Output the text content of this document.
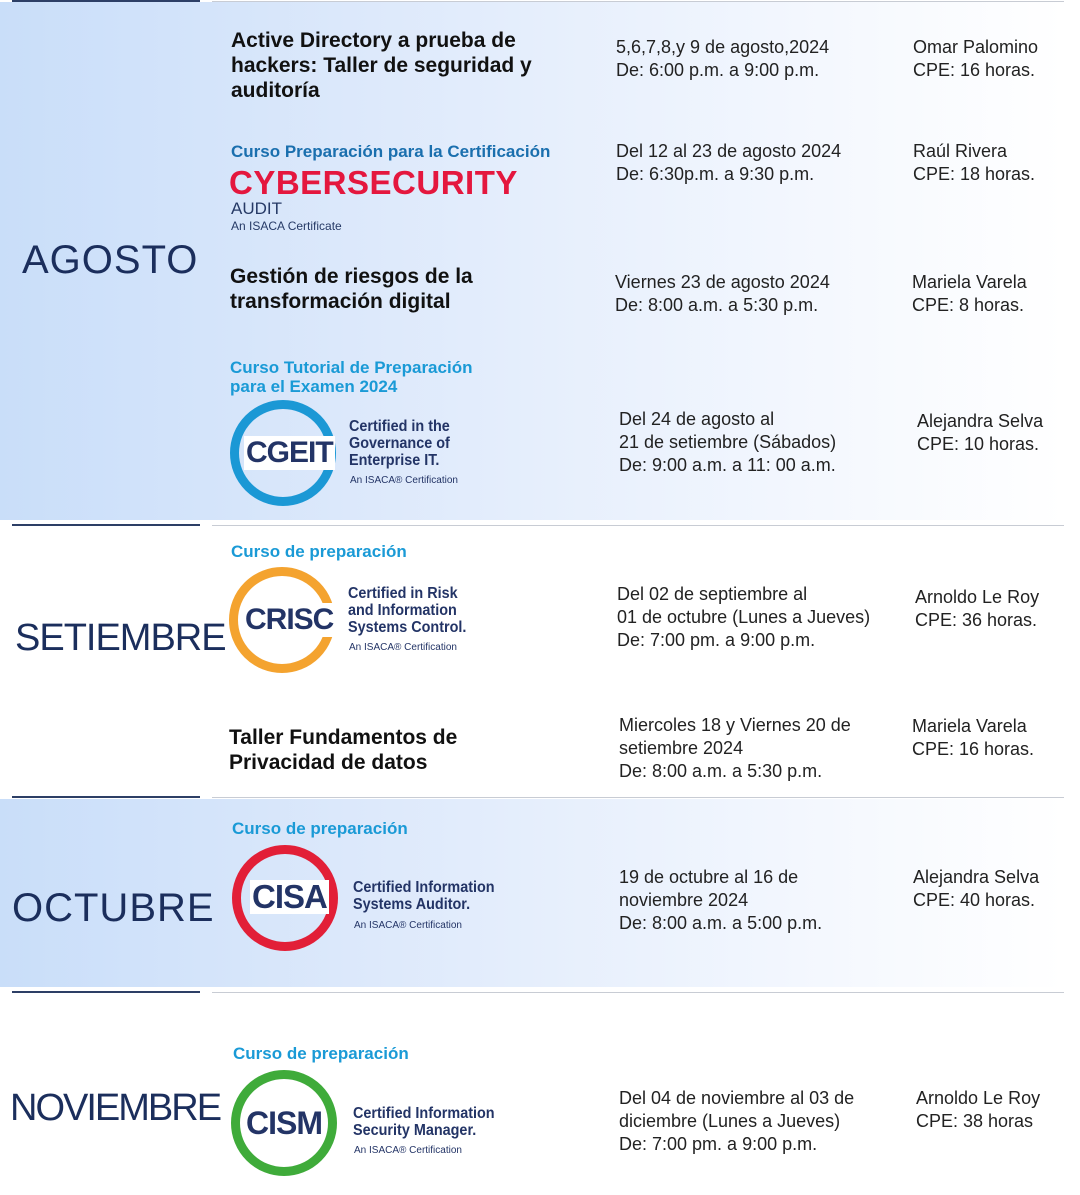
AGOSTO
Active Directory a prueba de
hackers: Taller de seguridad y
auditoría
5,6,7,8,y 9 de agosto,2024
De: 6:00 p.m. a 9:00 p.m.
Omar Palomino
CPE: 16 horas.
Curso Preparación para la Certificación
CYBERSECURITY
AUDIT
An ISACA Certificate
Del 12 al 23 de agosto 2024
De: 6:30p.m. a 9:30 p.m.
Raúl Rivera
CPE: 18 horas.
Gestión de riesgos de la
transformación digital
Viernes 23 de agosto 2024
De: 8:00 a.m. a 5:30 p.m.
Mariela Varela
CPE: 8 horas.
Curso Tutorial de Preparación
para el Examen 2024
CGEIT
Certified in the
Governance of
Enterprise IT.
An ISACA® Certification
Del 24 de agosto al
21 de setiembre (Sábados)
De: 9:00 a.m. a 11: 00 a.m.
Alejandra Selva
CPE: 10 horas.
SETIEMBRE
Curso de preparación
CRISC
Certified in Risk
and Information
Systems Control.
An ISACA® Certification
Del 02 de septiembre al
01 de octubre (Lunes a Jueves)
De: 7:00 pm. a 9:00 p.m.
Arnoldo Le Roy
CPE: 36 horas.
Taller Fundamentos de
Privacidad de datos
Miercoles 18 y Viernes 20 de
setiembre 2024
De: 8:00 a.m. a 5:30 p.m.
Mariela Varela
CPE: 16 horas.
OCTUBRE
Curso de preparación
CISA Certified Information
Systems Auditor.
An ISACA® Certification
19 de octubre al 16 de
noviembre 2024
De: 8:00 a.m. a 5:00 p.m.
Alejandra Selva
CPE: 40 horas.
NOVIEMBRE
Curso de preparación
CISM Certified Information
Security Manager.
An ISACA® Certification
Del 04 de noviembre al 03 de
diciembre (Lunes a Jueves)
De: 7:00 pm. a 9:00 p.m.
Arnoldo Le Roy
CPE: 38 horas
